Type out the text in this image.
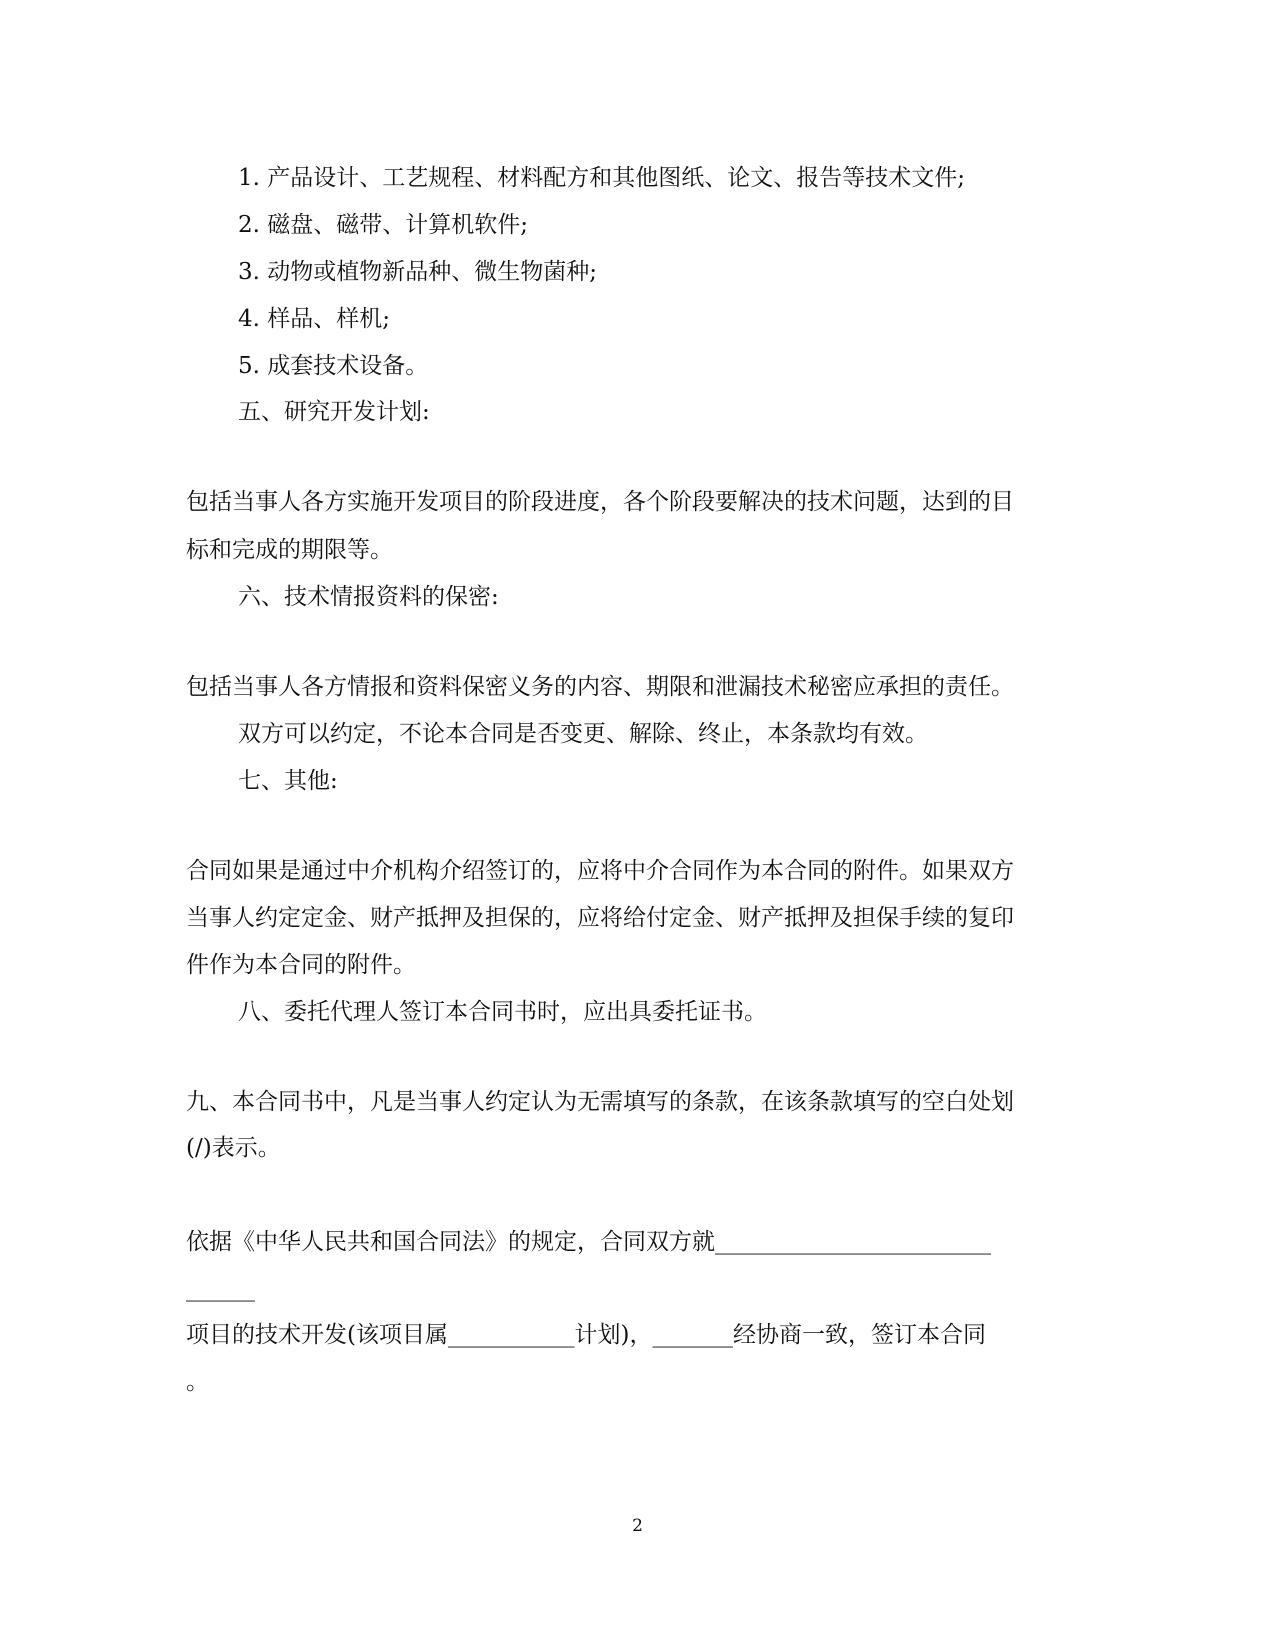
1. 产品设计、工艺规程、材料配方和其他图纸、论文、报告等技术文件;
2. 磁盘、磁带、计算机软件;
3. 动物或植物新品种、微生物菌种;
4. 样品、样机;
5. 成套技术设备。
五、研究开发计划:
包括当事人各方实施开发项目的阶段进度，各个阶段要解决的技术问题，达到的目
标和完成的期限等。
六、技术情报资料的保密:
包括当事人各方情报和资料保密义务的内容、期限和泄漏技术秘密应承担的责任。
双方可以约定，不论本合同是否变更、解除、终止，本条款均有效。
七、其他:
合同如果是通过中介机构介绍签订的，应将中介合同作为本合同的附件。如果双方
当事人约定定金、财产抵押及担保的，应将给付定金、财产抵押及担保手续的复印
件作为本合同的附件。
八、委托代理人签订本合同书时，应出具委托证书。
九、本合同书中，凡是当事人约定认为无需填写的条款，在该条款填写的空白处划
(/)表示。
依据《中华人民共和国合同法》的规定，合同双方就________________________
______
项目的技术开发(该项目属___________计划)，_______经协商一致，签订本合同
。
2
